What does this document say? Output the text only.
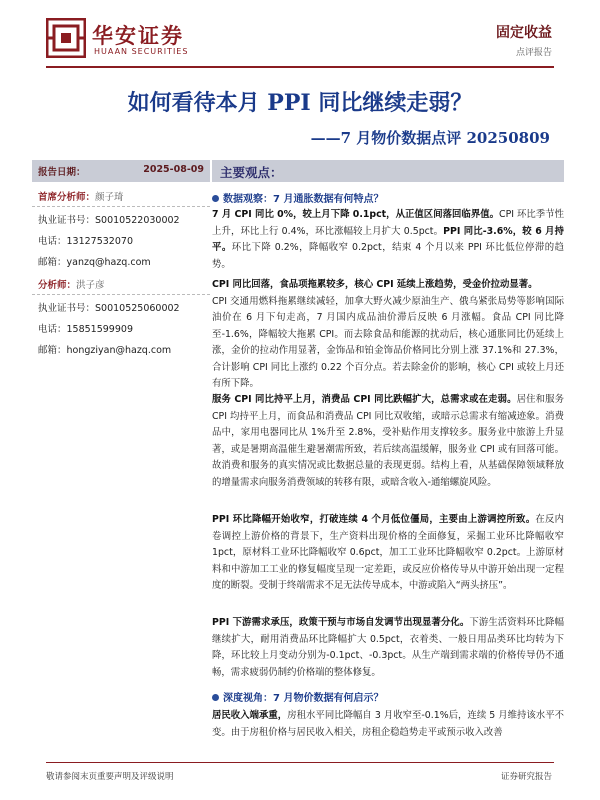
华安证券
HUAAN SECURITIES
固定收益
点评报告
如何看待本月 PPI 同比继续走弱？
——7 月物价数据点评 20250809
报告日期：	2025-08-09
首席分析师：颜子琦
执业证书号：S0010522030002
电话：13127532070
邮箱：yanzq@hazq.com
分析师：洪子彦
执业证书号：S0010525060002
电话：15851599909
邮箱：hongziyan@hazq.com
主要观点：
数据观察：7 月通胀数据有何特点？
7 月 CPI 同比 0%，较上月下降 0.1pct，从正值区间落回临界值。CPI 环比季节性上升，环比上行 0.4%，环比涨幅较上月扩大 0.5pct。PPI 同比-3.6%，较 6 月持平。环比下降 0.2%，降幅收窄 0.2pct，结束 4 个月以来 PPI 环比低位停滞的趋势。
CPI 同比回落，食品项拖累较多，核心 CPI 延续上涨趋势，受金价拉动显著。
CPI 交通用燃料拖累继续减轻，加拿大野火减少原油生产、俄乌紧张局势等影响国际油价在 6 月下旬走高，7 月国内成品油价滞后反映 6 月涨幅。食品 CPI 同比降至-1.6%，降幅较大拖累 CPI。而去除食品和能源的扰动后，核心通胀同比仍延续上涨，金价的拉动作用显著，金饰品和铂金饰品价格同比分别上涨 37.1%和 27.3%，合计影响 CPI 同比上涨约 0.22 个百分点。若去除金价的影响，核心 CPI 或较上月还有所下降。
服务 CPI 同比持平上月，消费品 CPI 同比跌幅扩大，总需求或在走弱。居住和服务 CPI 均持平上月，而食品和消费品 CPI 同比双收缩，或暗示总需求有缩减迹象。消费品中，家用电器同比从 1%升至 2.8%，受补贴作用支撑较多。服务业中旅游上升显著，或是暑期高温催生避暑潮需所致，若后续高温缓解，服务业 CPI 或有回落可能。故消费和服务的真实情况或比数据总量的表现更弱。结构上看，从基础保障领域释放的增量需求向服务消费领域的转移有限，或暗含收入-通缩螺旋风险。
PPI 环比降幅开始收窄，打破连续 4 个月低位僵局，主要由上游调控所致。在反内卷调控上游价格的背景下，生产资料出现价格的全面修复，采掘工业环比降幅收窄 1pct，原材料工业环比降幅收窄 0.6pct，加工工业环比降幅收窄 0.2pct。上游原材料和中游加工工业的修复幅度呈现一定差距，或反应价格传导从中游开始出现一定程度的断裂。受制于终端需求不足无法传导成本，中游或陷入“两头挤压”。
PPI 下游需求承压，政策干预与市场自发调节出现显著分化。下游生活资料环比降幅继续扩大，耐用消费品环比降幅扩大 0.5pct，衣着类、一般日用品类环比均转为下降，环比较上月变动分别为-0.1pct、-0.3pct。从生产端到需求端的价格传导仍不通畅，需求疲弱仍制约价格端的整体修复。
深度视角：7 月物价数据有何启示？
居民收入端承重，房租水平同比降幅自 3 月收窄至-0.1%后，连续 5 月维持该水平不变。由于房租价格与居民收入相关，房租企稳趋势走平或预示收入改善
敬请参阅末页重要声明及评级说明	证券研究报告
